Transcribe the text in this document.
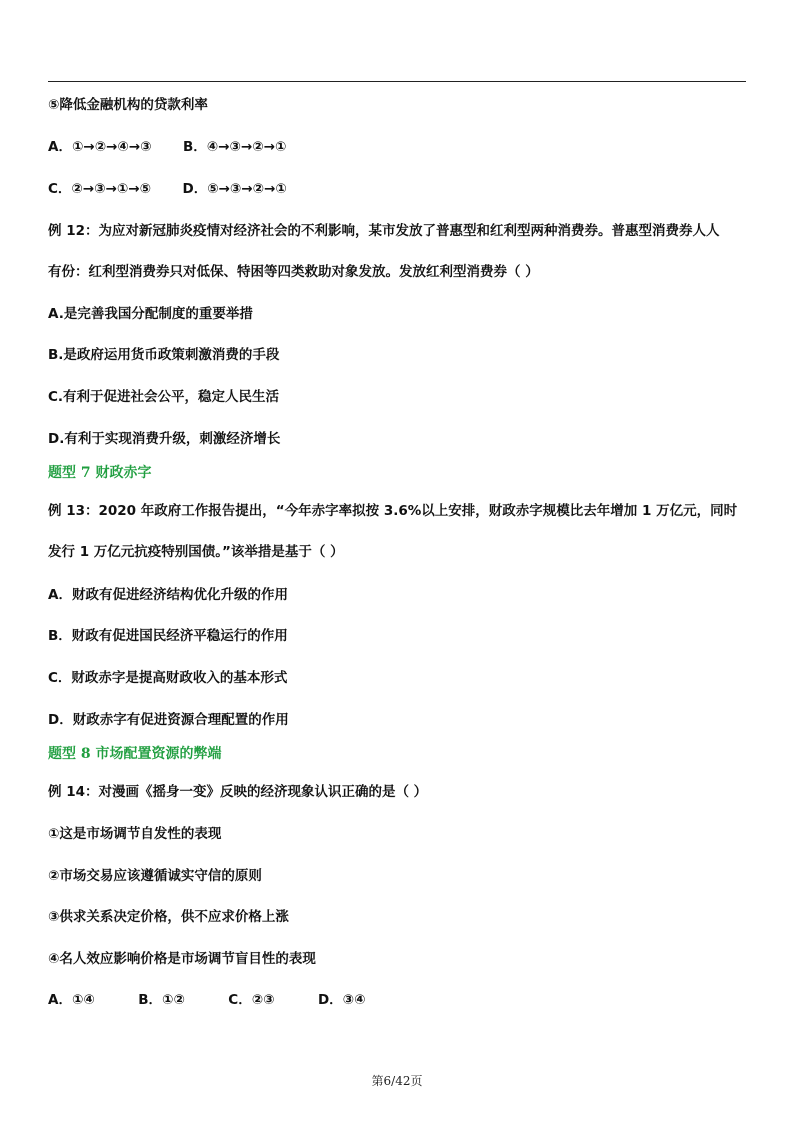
⑤降低金融机构的贷款利率
A．①→②→④→③ B．④→③→②→①
C．②→③→①→⑤ D．⑤→③→②→①
例 12：为应对新冠肺炎疫情对经济社会的不利影响，某市发放了普惠型和红利型两种消费券。普惠型消费券人人
有份：红利型消费券只对低保、特困等四类救助对象发放。发放红利型消费券（ ）
A.是完善我国分配制度的重要举措
B.是政府运用货币政策刺激消费的手段
C.有利于促进社会公平，稳定人民生活
D.有利于实现消费升级，刺激经济增长
题型 7 财政赤字
例 13：2020 年政府工作报告提出，“今年赤字率拟按 3.6%以上安排，财政赤字规模比去年增加 1 万亿元，同时
发行 1 万亿元抗疫特别国债。”该举措是基于（ ）
A．财政有促进经济结构优化升级的作用
B．财政有促进国民经济平稳运行的作用
C．财政赤字是提高财政收入的基本形式
D．财政赤字有促进资源合理配置的作用
题型 8 市场配置资源的弊端
例 14：对漫画《摇身一变》反映的经济现象认识正确的是（ ）
①这是市场调节自发性的表现
②市场交易应该遵循诚实守信的原则
③供求关系决定价格，供不应求价格上涨
④名人效应影响价格是市场调节盲目性的表现
A．①④	B．①②	C．②③	D．③④
第6/42页
